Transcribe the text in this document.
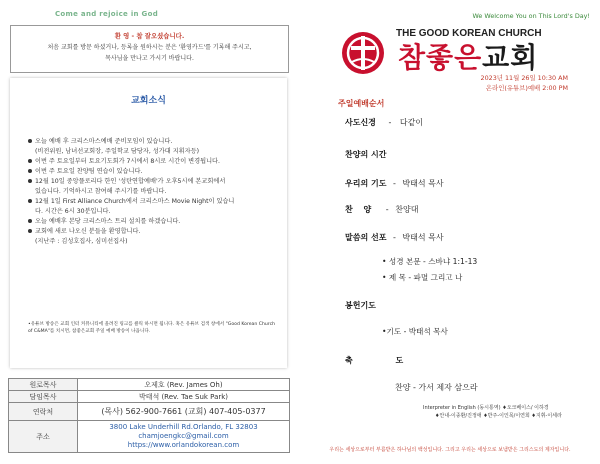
Come and rejoice in God
환 영 - 참 잘오셨습니다.
처음 교회를 방문 하셨거나, 등록을 원하시는 분은 '환영카드'를 기록해 주시고,
목사님을 만나고 가시기 바랍니다.
교회소식
오늘 예배 후 크리스마스예배 준비모임이 있습니다.
(비전위원, 남녀선교회장, 주일학교 담당자, 성가대 지휘자등)
이번 주 토요일부터 토요기도회가 7시에서 8시로 시간이 변경됩니다.
이번 주 토요일 찬양팀 연습이 있습니다.
12월 10일 중앙플로리다 한인 '성탄연합예배'가 오후5시에 본교회에서
있습니다. 기억하시고 참여해 주시기를 바랍니다.
12월 1일 First Alliance Church에서 크리스마스 Movie Night이 있습니
다. 시간은 6시 30분입니다.
오늘 예배후 본당 크리스마스 트리 설치를 하겠습니다.
교회에 새로 나오신 분들을 환영합니다.
(지난주 : 김성호집사, 심미선집사)
•유튜브 방송은 교회 인터 커뮤니티에 올려진 링크를 클릭 하시면 됩니다. 혹은 유튜브 검색 창에서 "Good Korean Church of C&MA"를 치시면, 참좋은교회 주일 예배 방송이 나옵니다.
원로목사	오제호 (Rev. James Oh)
담임목사	박태석 (Rev. Tae Suk Park)
연락처	(목사) 562-900-7661 (교회) 407-405-0377
주소	3800 Lake Underhill Rd.Orlando, FL 32803
chamjoengkc@gmail.com
https://www.orlandokorean.com
We Welcome You on This Lord's Day!
THE GOOD KOREAN CHURCH
참좋은교회
2023년 11월 26일 10:30 AM
온라인(유튜브)예배 2:00 PM
주일예배순서
사도신경 - 다같이
찬양의 시간
우리의 기도 - 박태석 목사
찬 양 - 찬양대
말씀의 선포 - 박태석 목사
• 성경 본문 - 스바냐 1:1-13
• 제 목 - 파멸 그리고 나
봉헌기도
•기도 - 박태석 목사
축 도
찬양 - 가서 제자 삼으라
Interpreter in English (동시통역) ♦오크베이스/ 이하경
♦안내-이종환/진정애 ♦반주-이인목/이연희 ♦지휘-이세라
우리는 세상으로부터 부름받은 하나님의 백성입니다. 그리고 우리는 세상으로 보냄받은 그리스도의 제자입니다.
